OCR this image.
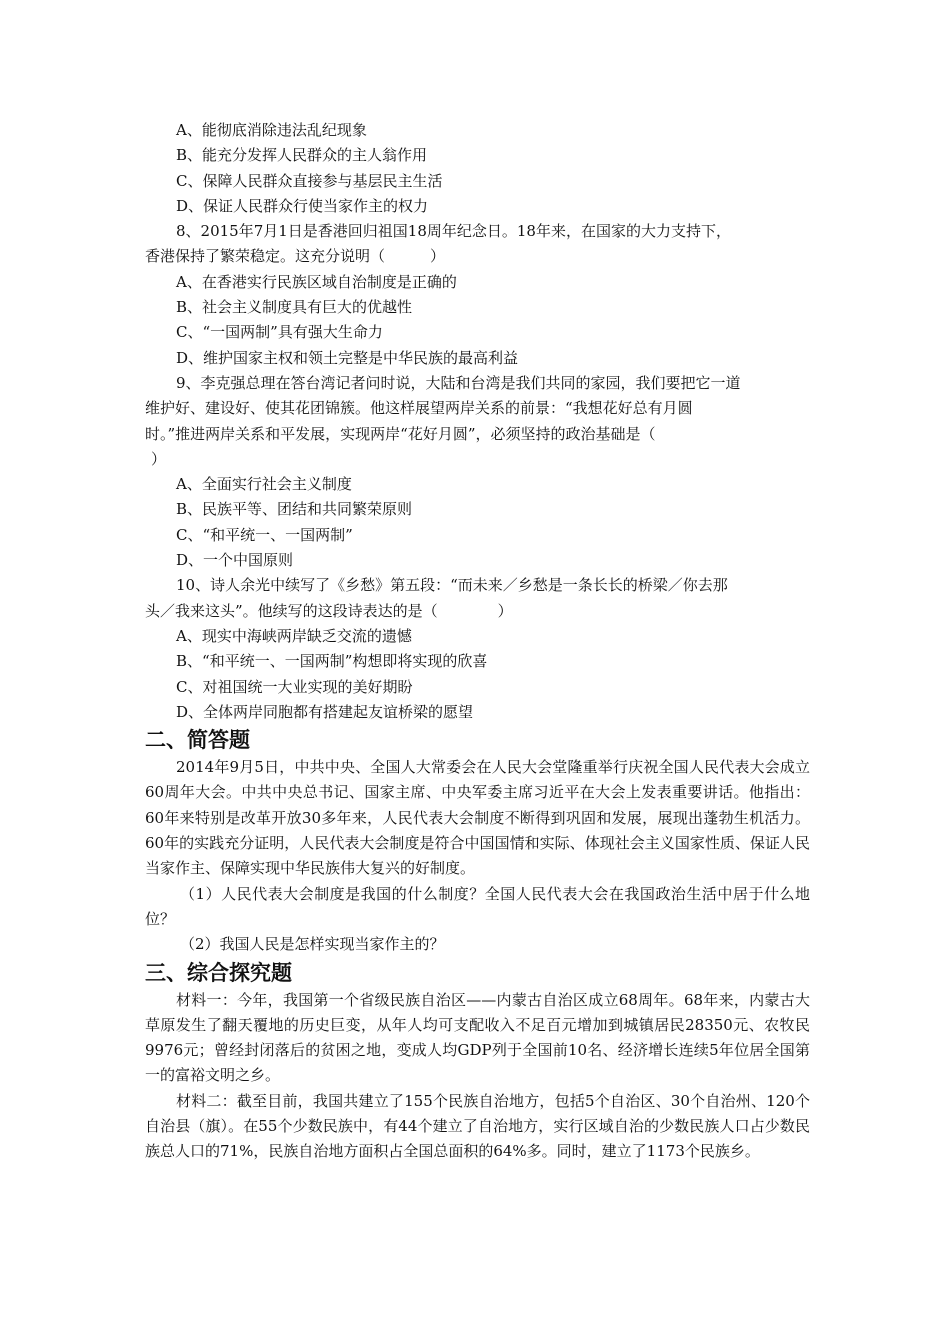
A、能彻底消除违法乱纪现象
B、能充分发挥人民群众的主人翁作用
C、保障人民群众直接参与基层民主生活
D、保证人民群众行使当家作主的权力
8、2015年7月1日是香港回归祖国18周年纪念日。18年来，在国家的大力支持下，
香港保持了繁荣稳定。这充分说明（　　　）
A、在香港实行民族区域自治制度是正确的
B、社会主义制度具有巨大的优越性
C、“一国两制”具有强大生命力
D、维护国家主权和领土完整是中华民族的最高利益
9、李克强总理在答台湾记者问时说，大陆和台湾是我们共同的家园，我们要把它一道
维护好、建设好、使其花团锦簇。他这样展望两岸关系的前景：“我想花好总有月圆
时。”推进两岸关系和平发展，实现两岸“花好月圆”，必须坚持的政治基础是（
）
A、全面实行社会主义制度
B、民族平等、团结和共同繁荣原则
C、“和平统一、一国两制”
D、一个中国原则
10、诗人余光中续写了《乡愁》第五段：“而未来／乡愁是一条长长的桥梁／你去那
头／我来这头”。他续写的这段诗表达的是（　　　　）
A、现实中海峡两岸缺乏交流的遗憾
B、“和平统一、一国两制”构想即将实现的欣喜
C、对祖国统一大业实现的美好期盼
D、全体两岸同胞都有搭建起友谊桥梁的愿望
二、简答题

2014年9月5日，中共中央、全国人大常委会在人民大会堂隆重举行庆祝全国人民代表大会成立60周年大会。中共中央总书记、国家主席、中央军委主席习近平在大会上发表重要讲话。他指出：60年来特别是改革开放30多年来，人民代表大会制度不断得到巩固和发展，展现出蓬勃生机活力。60年的实践充分证明，人民代表大会制度是符合中国国情和实际、体现社会主义国家性质、保证人民当家作主、保障实现中华民族伟大复兴的好制度。

（1）人民代表大会制度是我国的什么制度？全国人民代表大会在我国政治生活中居于什么地位？

（2）我国人民是怎样实现当家作主的？

三、综合探究题

材料一：今年，我国第一个省级民族自治区——内蒙古自治区成立68周年。68年来，内蒙古大草原发生了翻天覆地的历史巨变，从年人均可支配收入不足百元增加到城镇居民28350元、农牧民9976元；曾经封闭落后的贫困之地，变成人均GDP列于全国前10名、经济增长连续5年位居全国第一的富裕文明之乡。

材料二：截至目前，我国共建立了155个民族自治地方，包括5个自治区、30个自治州、120个自治县（旗）。在55个少数民族中，有44个建立了自治地方，实行区域自治的少数民族人口占少数民族总人口的71%，民族自治地方面积占全国总面积的64%多。同时，建立了1173个民族乡。
